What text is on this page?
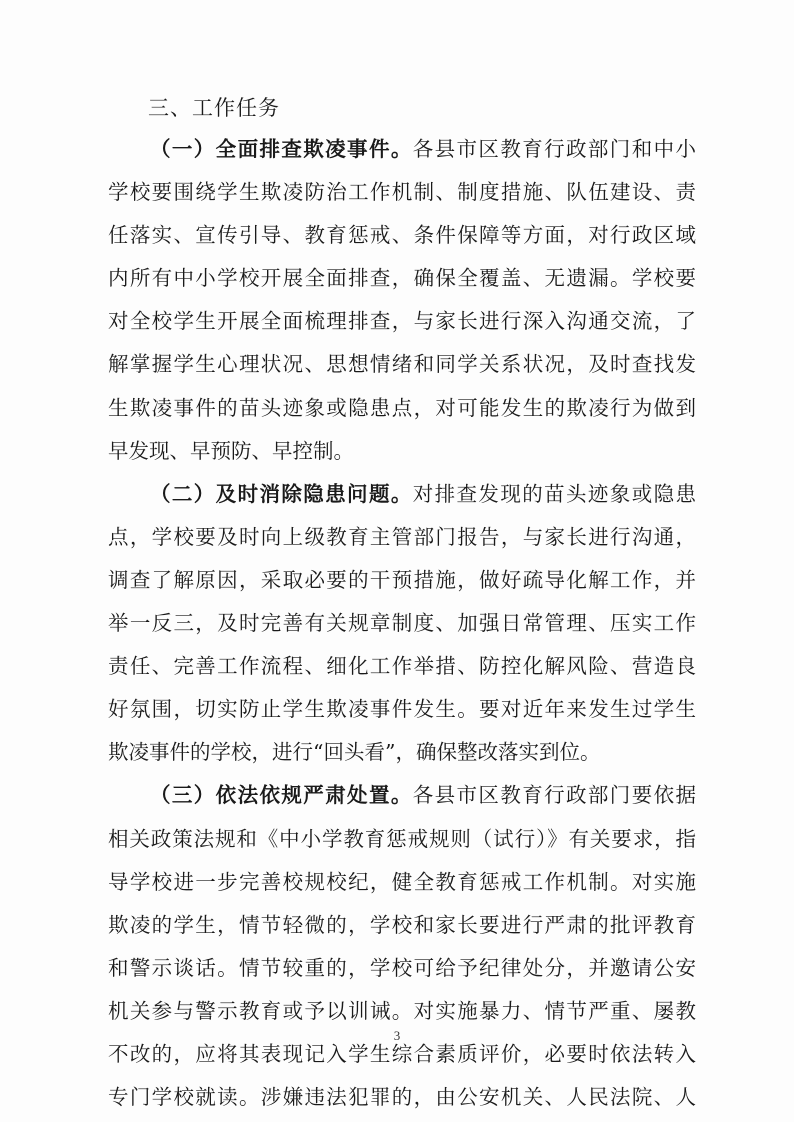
三、工作任务
（一）全面排查欺凌事件。各县市区教育行政部门和中小
学校要围绕学生欺凌防治工作机制、制度措施、队伍建设、责
任落实、宣传引导、教育惩戒、条件保障等方面，对行政区域
内所有中小学校开展全面排查，确保全覆盖、无遗漏。学校要
对全校学生开展全面梳理排查，与家长进行深入沟通交流，了
解掌握学生心理状况、思想情绪和同学关系状况，及时查找发
生欺凌事件的苗头迹象或隐患点，对可能发生的欺凌行为做到
早发现、早预防、早控制。
（二）及时消除隐患问题。对排查发现的苗头迹象或隐患
点，学校要及时向上级教育主管部门报告，与家长进行沟通，
调查了解原因，采取必要的干预措施，做好疏导化解工作，并
举一反三，及时完善有关规章制度、加强日常管理、压实工作
责任、完善工作流程、细化工作举措、防控化解风险、营造良
好氛围，切实防止学生欺凌事件发生。要对近年来发生过学生
欺凌事件的学校，进行“回头看”，确保整改落实到位。
（三）依法依规严肃处置。各县市区教育行政部门要依据
相关政策法规和《中小学教育惩戒规则（试行）》有关要求，指
导学校进一步完善校规校纪，健全教育惩戒工作机制。对实施
欺凌的学生，情节轻微的，学校和家长要进行严肃的批评教育
和警示谈话。情节较重的，学校可给予纪律处分，并邀请公安
机关参与警示教育或予以训诫。对实施暴力、情节严重、屡教
不改的，应将其表现记入学生综合素质评价，必要时依法转入
专门学校就读。涉嫌违法犯罪的，由公安机关、人民法院、人
3
